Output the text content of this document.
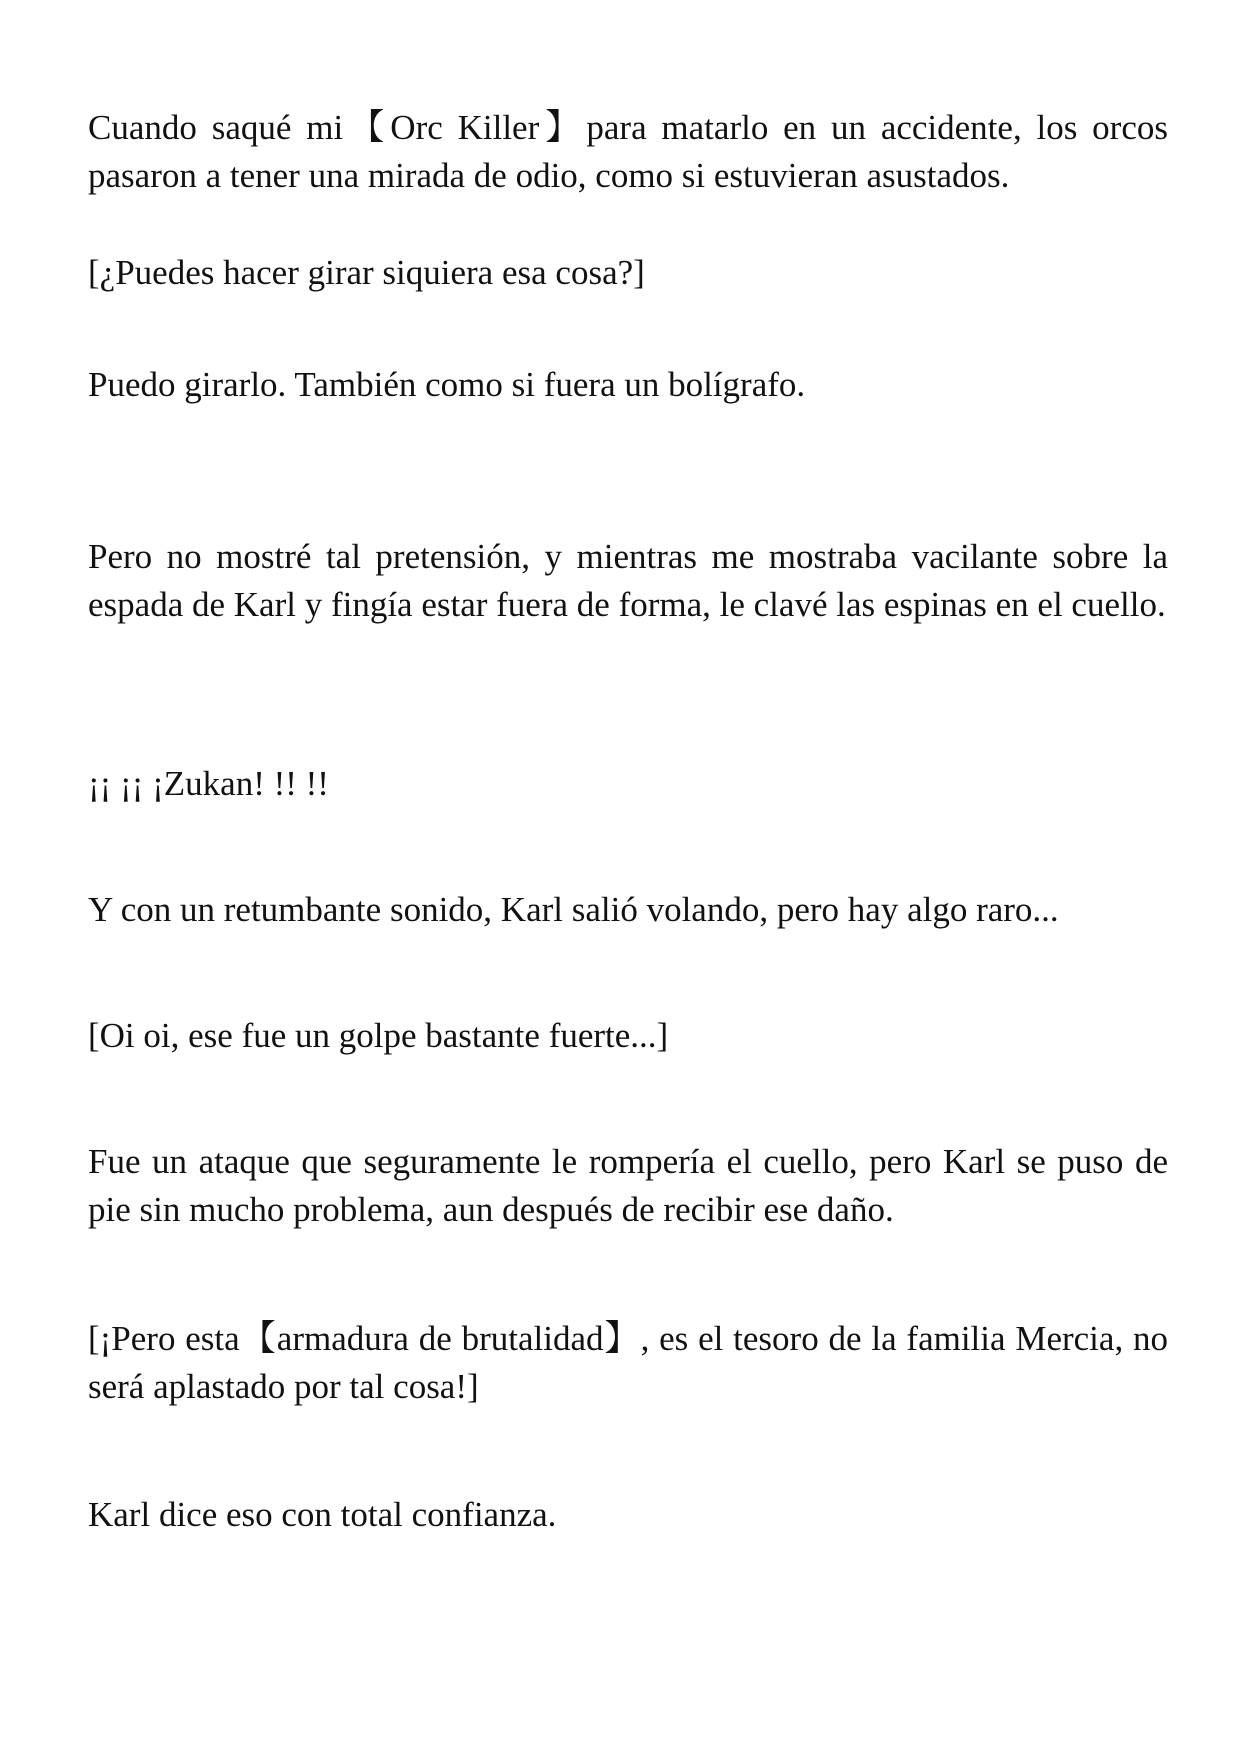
Cuando saqué mi【Orc Killer】para matarlo en un accidente, los orcos pasaron a tener una mirada de odio, como si estuvieran asustados.

[¿Puedes hacer girar siquiera esa cosa?]

Puedo girarlo. También como si fuera un bolígrafo.

Pero no mostré tal pretensión, y mientras me mostraba vacilante sobre la espada de Karl y fingía estar fuera de forma, le clavé las espinas en el cuello.

¡¡ ¡¡ ¡Zukan! !! !!

Y con un retumbante sonido, Karl salió volando, pero hay algo raro...

[Oi oi, ese fue un golpe bastante fuerte...]

Fue un ataque que seguramente le rompería el cuello, pero Karl se puso de pie sin mucho problema, aun después de recibir ese daño.

[¡Pero esta【armadura de brutalidad】, es el tesoro de la familia Mercia, no será aplastado por tal cosa!]

Karl dice eso con total confianza.
